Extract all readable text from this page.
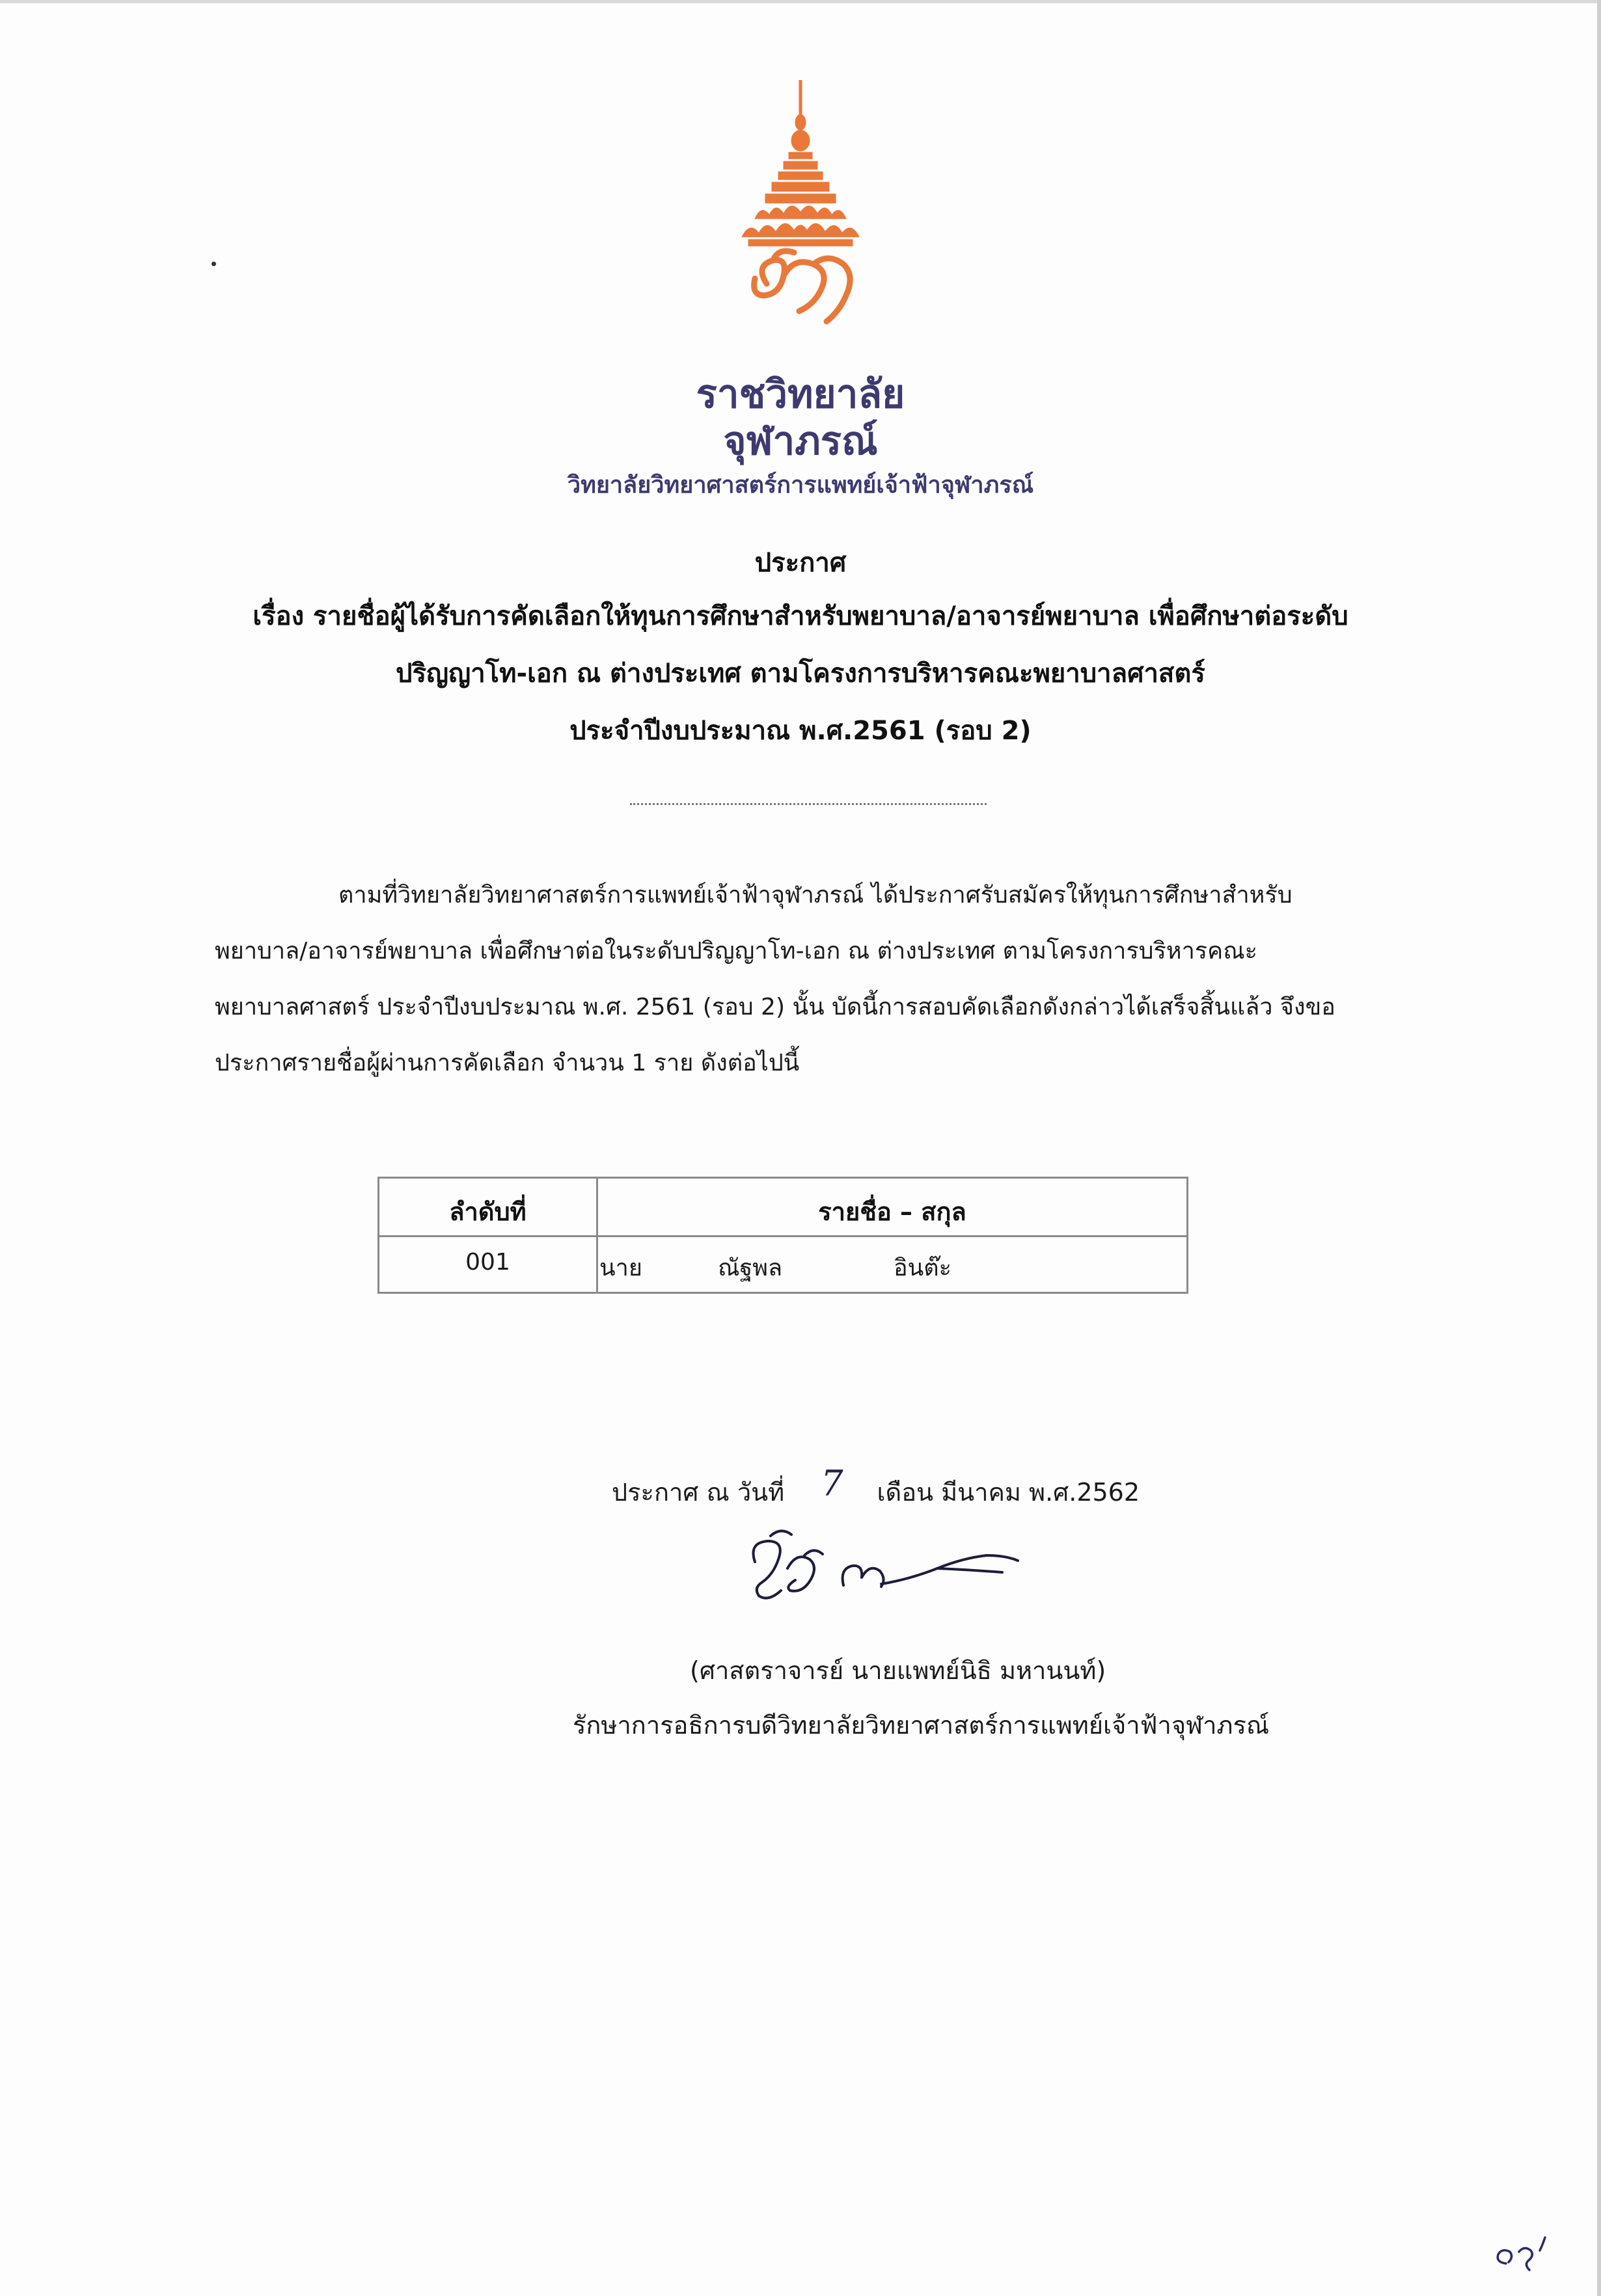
ราชวิทยาลัย
จุฬาภรณ์
วิทยาลัยวิทยาศาสตร์การแพทย์เจ้าฟ้าจุฬาภรณ์
ประกาศ
เรื่อง รายชื่อผู้ได้รับการคัดเลือกให้ทุนการศึกษาสำหรับพยาบาล/อาจารย์พยาบาล เพื่อศึกษาต่อระดับ
ปริญญาโท-เอก ณ ต่างประเทศ ตามโครงการบริหารคณะพยาบาลศาสตร์
ประจำปีงบประมาณ พ.ศ.2561 (รอบ 2)
ตามที่วิทยาลัยวิทยาศาสตร์การแพทย์เจ้าฟ้าจุฬาภรณ์ ได้ประกาศรับสมัครให้ทุนการศึกษาสำหรับ
พยาบาล/อาจารย์พยาบาล เพื่อศึกษาต่อในระดับปริญญาโท-เอก ณ ต่างประเทศ ตามโครงการบริหารคณะ
พยาบาลศาสตร์ ประจำปีงบประมาณ พ.ศ. 2561 (รอบ 2) นั้น บัดนี้การสอบคัดเลือกดังกล่าวได้เสร็จสิ้นแล้ว จึงขอ
ประกาศรายชื่อผู้ผ่านการคัดเลือก จำนวน 1 ราย ดังต่อไปนี้
ลำดับที่	รายชื่อ – สกุล
001	นาย	ณัฐพล	อินต๊ะ
ประกาศ ณ วันที่ 7 เดือน มีนาคม พ.ศ.2562
(ศาสตราจารย์ นายแพทย์นิธิ มหานนท์)
รักษาการอธิการบดีวิทยาลัยวิทยาศาสตร์การแพทย์เจ้าฟ้าจุฬาภรณ์
